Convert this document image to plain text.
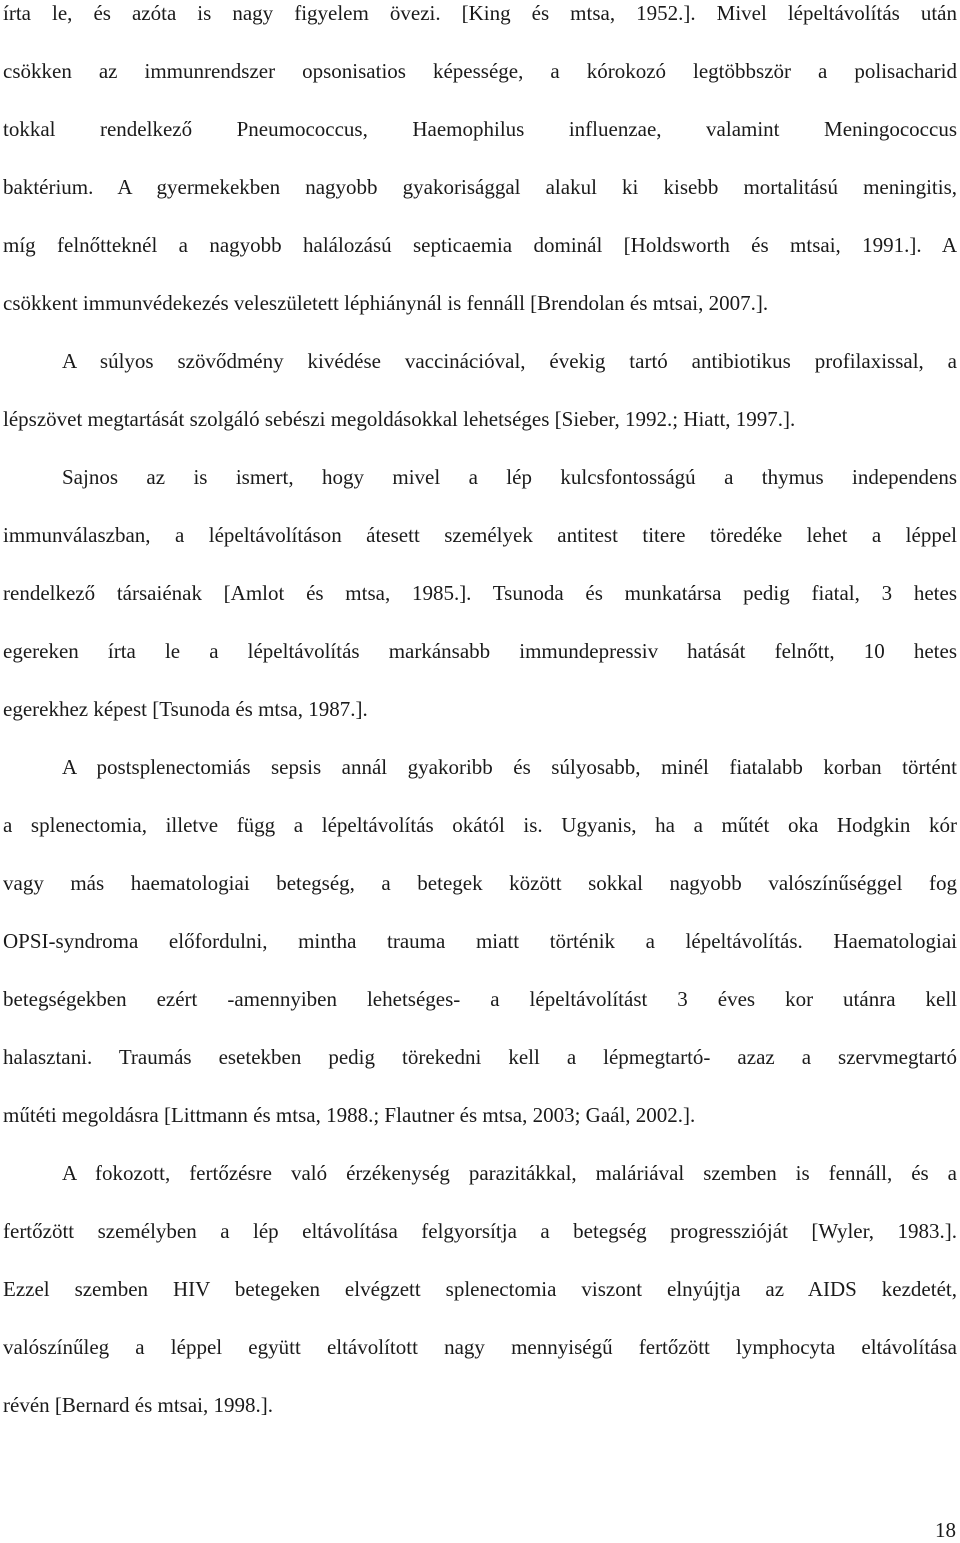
írta le, és azóta is nagy figyelem övezi. [King és mtsa, 1952.]. Mivel lépeltávolítás után
csökken az immunrendszer opsonisatios képessége, a kórokozó legtöbbször a polisacharid
tokkal rendelkező Pneumococcus, Haemophilus influenzae, valamint Meningococcus
baktérium. A gyermekekben nagyobb gyakorisággal alakul ki kisebb mortalitású meningitis,
míg felnőtteknél a nagyobb halálozású septicaemia dominál [Holdsworth és mtsai, 1991.]. A
csökkent immunvédekezés veleszületett léphiánynál is fennáll [Brendolan és mtsai, 2007.].
A súlyos szövődmény kivédése vaccinációval, évekig tartó antibiotikus profilaxissal, a
lépszövet megtartását szolgáló sebészi megoldásokkal lehetséges [Sieber, 1992.; Hiatt, 1997.].
Sajnos az is ismert, hogy mivel a lép kulcsfontosságú a thymus independens
immunválaszban, a lépeltávolításon átesett személyek antitest titere töredéke lehet a léppel
rendelkező társaiénak [Amlot és mtsa, 1985.]. Tsunoda és munkatársa pedig fiatal, 3 hetes
egereken írta le a lépeltávolítás markánsabb immundepressiv hatását felnőtt, 10 hetes
egerekhez képest [Tsunoda és mtsa, 1987.].
A postsplenectomiás sepsis annál gyakoribb és súlyosabb, minél fiatalabb korban történt
a splenectomia, illetve függ a lépeltávolítás okától is. Ugyanis, ha a műtét oka Hodgkin kór
vagy más haematologiai betegség, a betegek között sokkal nagyobb valószínűséggel fog
OPSI-syndroma előfordulni, mintha trauma miatt történik a lépeltávolítás. Haematologiai
betegségekben ezért -amennyiben lehetséges- a lépeltávolítást 3 éves kor utánra kell
halasztani. Traumás esetekben pedig törekedni kell a lépmegtartó- azaz a szervmegtartó
műtéti megoldásra [Littmann és mtsa, 1988.; Flautner és mtsa, 2003; Gaál, 2002.].
A fokozott, fertőzésre való érzékenység parazitákkal, maláriával szemben is fennáll, és a
fertőzött személyben a lép eltávolítása felgyorsítja a betegség progresszióját [Wyler, 1983.].
Ezzel szemben HIV betegeken elvégzett splenectomia viszont elnyújtja az AIDS kezdetét,
valószínűleg a léppel együtt eltávolított nagy mennyiségű fertőzött lymphocyta eltávolítása
révén [Bernard és mtsai, 1998.].
18
